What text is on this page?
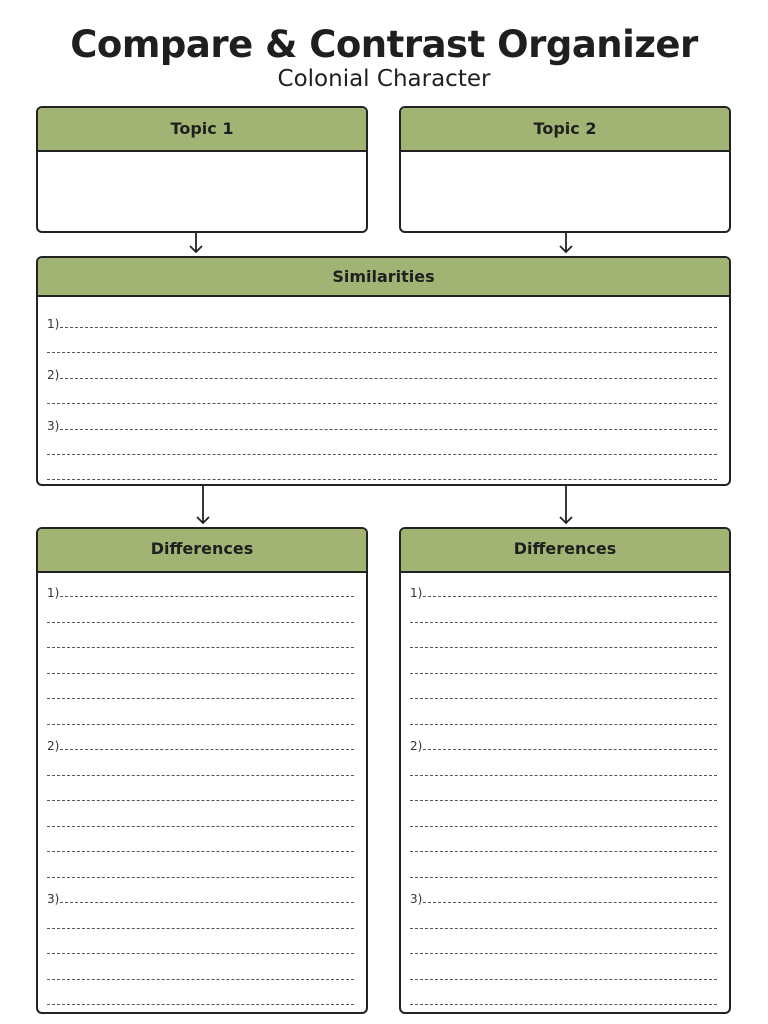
Compare & Contrast Organizer
Colonial Character
Topic 1	Topic 2
Similarities
1)
2)
3)
Differences
1)
2)
3)
Differences
1)
2)
3)
